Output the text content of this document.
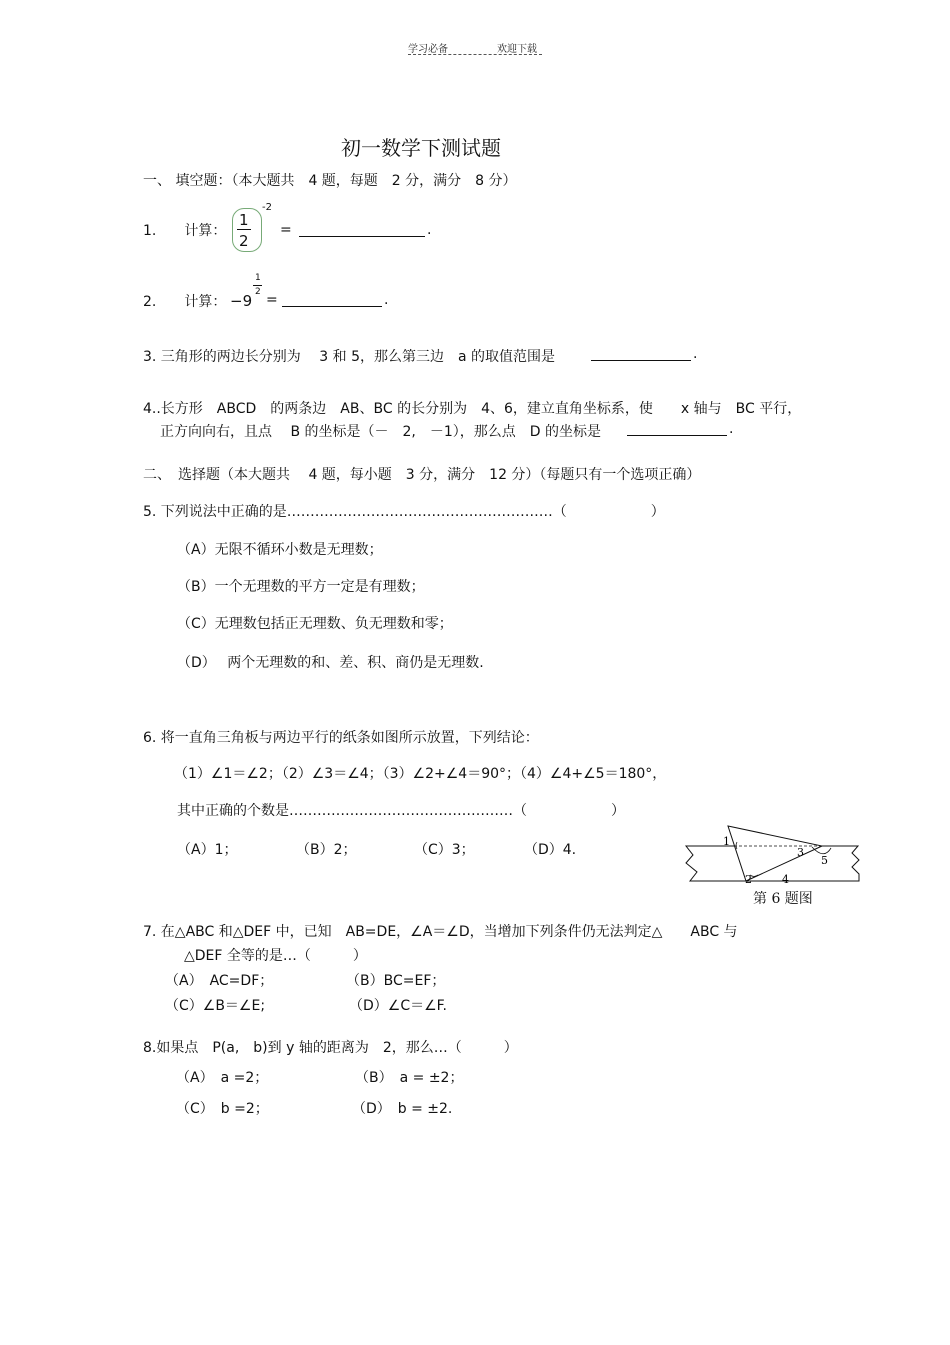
学习必备	欢迎下载
初一数学下测试题
一、 填空题：（本大题共　4 题，每题　2 分，满分　8 分）
1.　　计算：
1
2
-2
=	.
2.　　计算： −9
1
2 =	.
3. 三角形的两边长分别为　 3 和 5，那么第三边　a 的取值范围是	.
4..长方形　ABCD　的两条边　AB、BC 的长分别为　4、6，建立直角坐标系，使　　x 轴与　BC 平行，
正方向向右，且点　 B 的坐标是（－　2,　－1），那么点　D 的坐标是	.
二、　选择题（本大题共　 4 题，每小题　3 分，满分　12 分）（每题只有一个选项正确）
5. 下列说法中正确的是…………………………………………………（　　　　　　）
（A）无限不循环小数是无理数；
（B）一个无理数的平方一定是有理数；
（C）无理数包括正无理数、负无理数和零；
（D）　 两个无理数的和、差、积、商仍是无理数.
6. 将一直角三角板与两边平行的纸条如图所示放置，下列结论：
（1）∠1＝∠2；（2）∠3＝∠4；（3）∠2+∠4＝90°；（4）∠4+∠5＝180°，
其中正确的个数是…………………………………………（　　　　　　）
（A）1；	（B）2；	（C）3；	（D）4.
1
2
3
4
5
第 6 题图
7. 在△ABC 和△DEF 中，已知　AB=DE，∠A＝∠D，当增加下列条件仍无法判定△　　ABC 与
△DEF 全等的是…（　　　）
（A）　AC=DF；	（B）BC=EF；
（C）∠B＝∠E;	（D）∠C＝∠F.
8.如果点　P(a,　b)到 y 轴的距离为　2，那么…（　　　）
（A）　a =2；	（B）　a = ±2；
（C）　b =2；	（D）　b = ±2.
